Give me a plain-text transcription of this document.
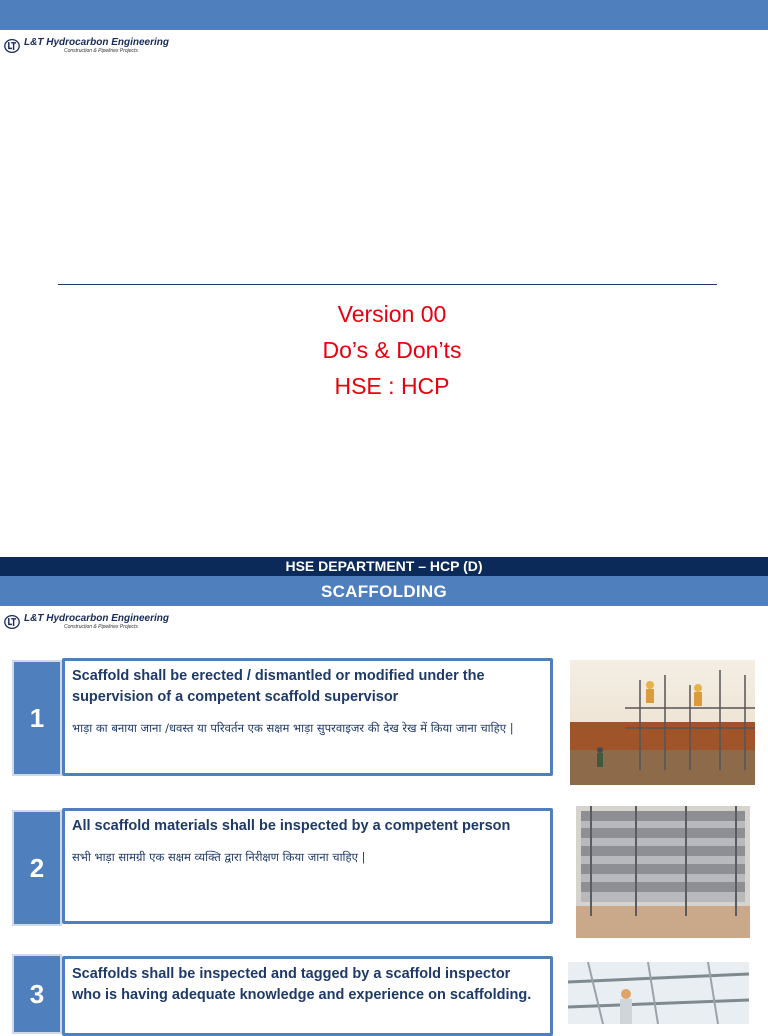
L&T Hydrocarbon Engineering
Construction & Pipelines Projects
Version 00
Do’s & Don’ts
HSE : HCP
HSE DEPARTMENT – HCP (D)
SCAFFOLDING
L&T Hydrocarbon Engineering
Construction & Pipelines Projects
1
Scaffold shall be erected / dismantled or modified under the supervision of a competent scaffold supervisor
भाड़ा का बनाया जाना /धवस्त या परिवर्तन एक सक्षम भाड़ा सुपरवाइजर की देख रेख में किया जाना चाहिए |
2
All scaffold materials shall be inspected by a competent person
सभी भाड़ा सामग्री एक सक्षम व्यक्ति द्वारा निरीक्षण किया जाना चाहिए |
3
Scaffolds shall be inspected and tagged by a scaffold inspector who is having adequate knowledge and experience on scaffolding.
